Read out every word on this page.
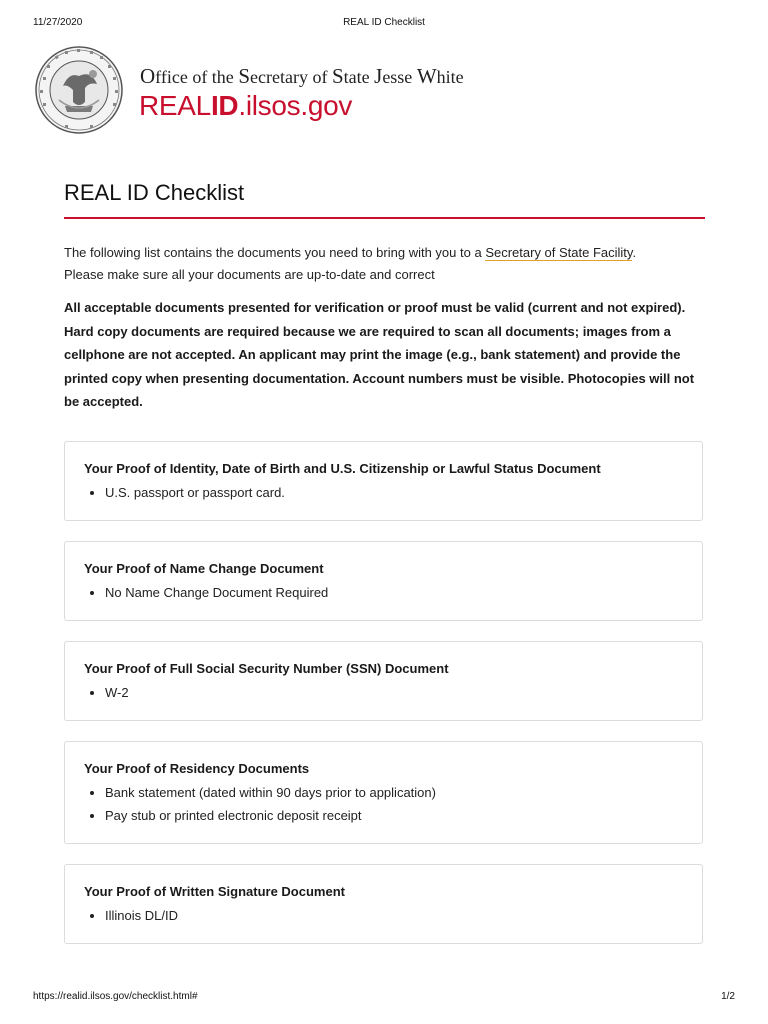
11/27/2020	REAL ID Checklist
Office of the Secretary of State Jesse White
REALID.ilsos.gov
REAL ID Checklist
The following list contains the documents you need to bring with you to a Secretary of State Facility.
Please make sure all your documents are up-to-date and correct
All acceptable documents presented for verification or proof must be valid (current and not expired). Hard copy documents are required because we are required to scan all documents; images from a cellphone are not accepted. An applicant may print the image (e.g., bank statement) and provide the printed copy when presenting documentation. Account numbers must be visible. Photocopies will not be accepted.
Your Proof of Identity, Date of Birth and U.S. Citizenship or Lawful Status Document
• U.S. passport or passport card.
Your Proof of Name Change Document
• No Name Change Document Required
Your Proof of Full Social Security Number (SSN) Document
• W-2
Your Proof of Residency Documents
• Bank statement (dated within 90 days prior to application)
• Pay stub or printed electronic deposit receipt
Your Proof of Written Signature Document
• Illinois DL/ID
https://realid.ilsos.gov/checklist.html#	1/2
